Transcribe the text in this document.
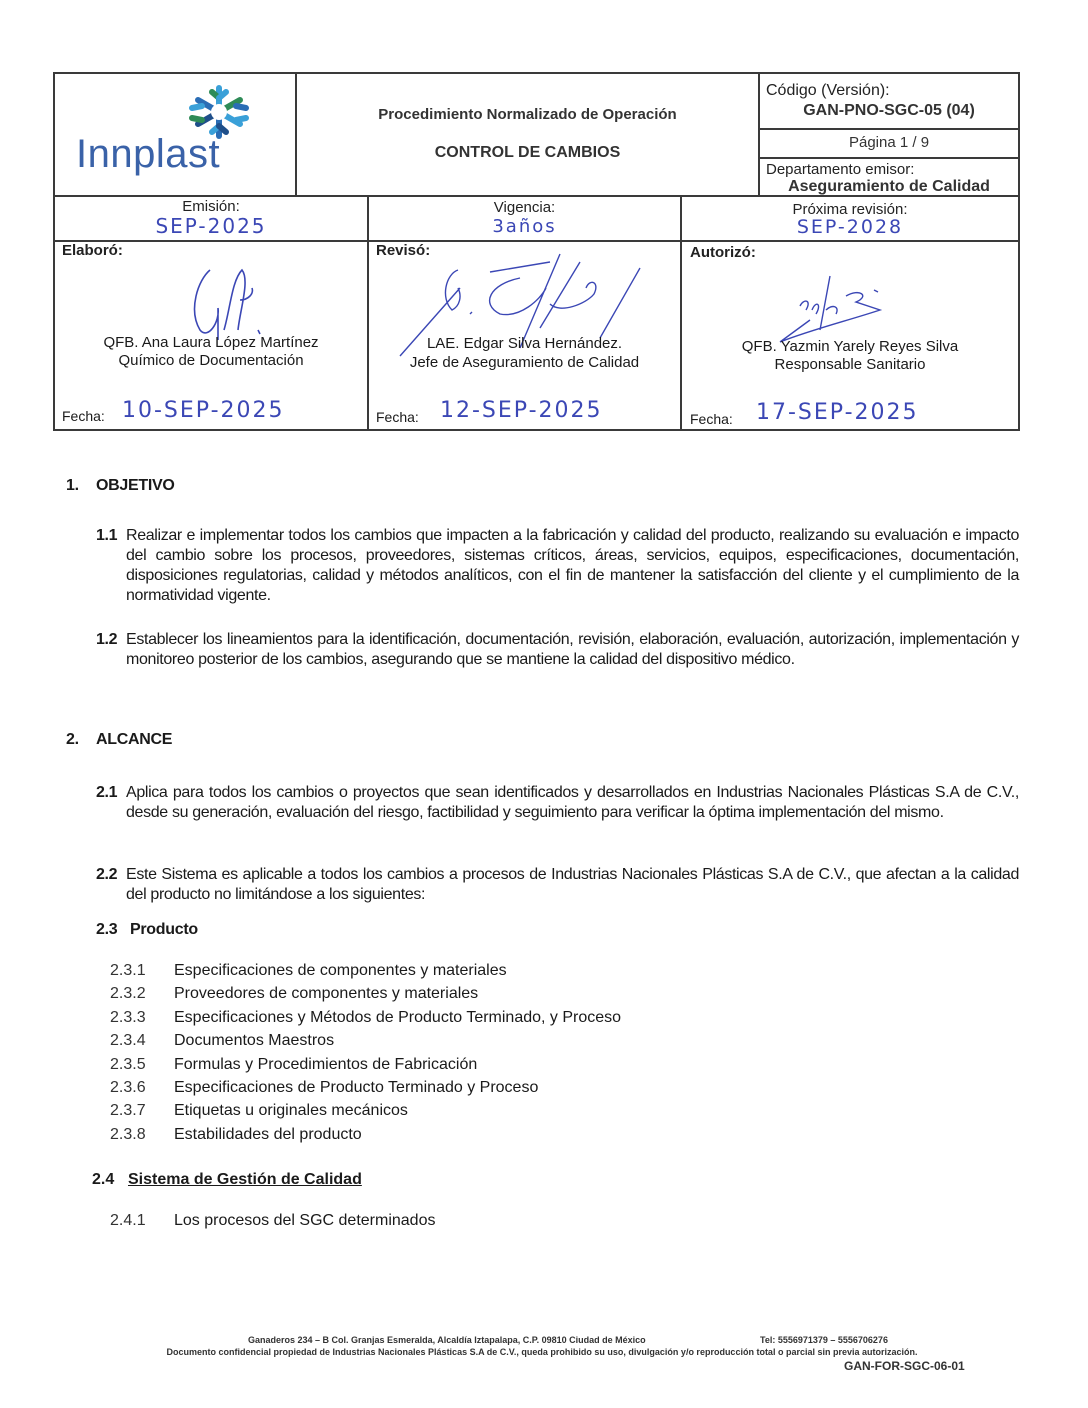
Innplast
Procedimiento Normalizado de Operación
CONTROL DE CAMBIOS
Código (Versión):
GAN-PNO-SGC-05 (04)
Página 1 / 9
Departamento emisor:
Aseguramiento de Calidad
Emisión:
SEP-2025
Vigencia:
3años
Próxima revisión:
SEP-2028
Elaboró:
QFB. Ana Laura López Martínez
Químico de Documentación
Fecha: 10-SEP-2025
Revisó:
LAE. Edgar Silva Hernández.
Jefe de Aseguramiento de Calidad
Fecha: 12-SEP-2025
Autorizó:
QFB. Yazmin Yarely Reyes Silva
Responsable Sanitario
Fecha: 17-SEP-2025
1. OBJETIVO
1.1 Realizar e implementar todos los cambios que impacten a la fabricación y calidad del producto, realizando su evaluación e impacto del cambio sobre los procesos, proveedores, sistemas críticos, áreas, servicios, equipos, especificaciones, documentación, disposiciones regulatorias, calidad y métodos analíticos, con el fin de mantener la satisfacción del cliente y el cumplimiento de la normatividad vigente.
1.2 Establecer los lineamientos para la identificación, documentación, revisión, elaboración, evaluación, autorización, implementación y monitoreo posterior de los cambios, asegurando que se mantiene la calidad del dispositivo médico.
2. ALCANCE
2.1 Aplica para todos los cambios o proyectos que sean identificados y desarrollados en Industrias Nacionales Plásticas S.A de C.V., desde su generación, evaluación del riesgo, factibilidad y seguimiento para verificar la óptima implementación del mismo.
2.2 Este Sistema es aplicable a todos los cambios a procesos de Industrias Nacionales Plásticas S.A de C.V., que afectan a la calidad del producto no limitándose a los siguientes:
2.3 Producto
2.3.1 Especificaciones de componentes y materiales
2.3.2 Proveedores de componentes y materiales
2.3.3 Especificaciones y Métodos de Producto Terminado, y Proceso
2.3.4 Documentos Maestros
2.3.5 Formulas y Procedimientos de Fabricación
2.3.6 Especificaciones de Producto Terminado y Proceso
2.3.7 Etiquetas u originales mecánicos
2.3.8 Estabilidades del producto
2.4 Sistema de Gestión de Calidad
2.4.1 Los procesos del SGC determinados
Ganaderos 234 – B Col. Granjas Esmeralda, Alcaldía Iztapalapa, C.P. 09810 Ciudad de México	Tel: 5556971379 – 5556706276
Documento confidencial propiedad de Industrias Nacionales Plásticas S.A de C.V., queda prohibido su uso, divulgación y/o reproducción total o parcial sin previa autorización.
GAN-FOR-SGC-06-01
